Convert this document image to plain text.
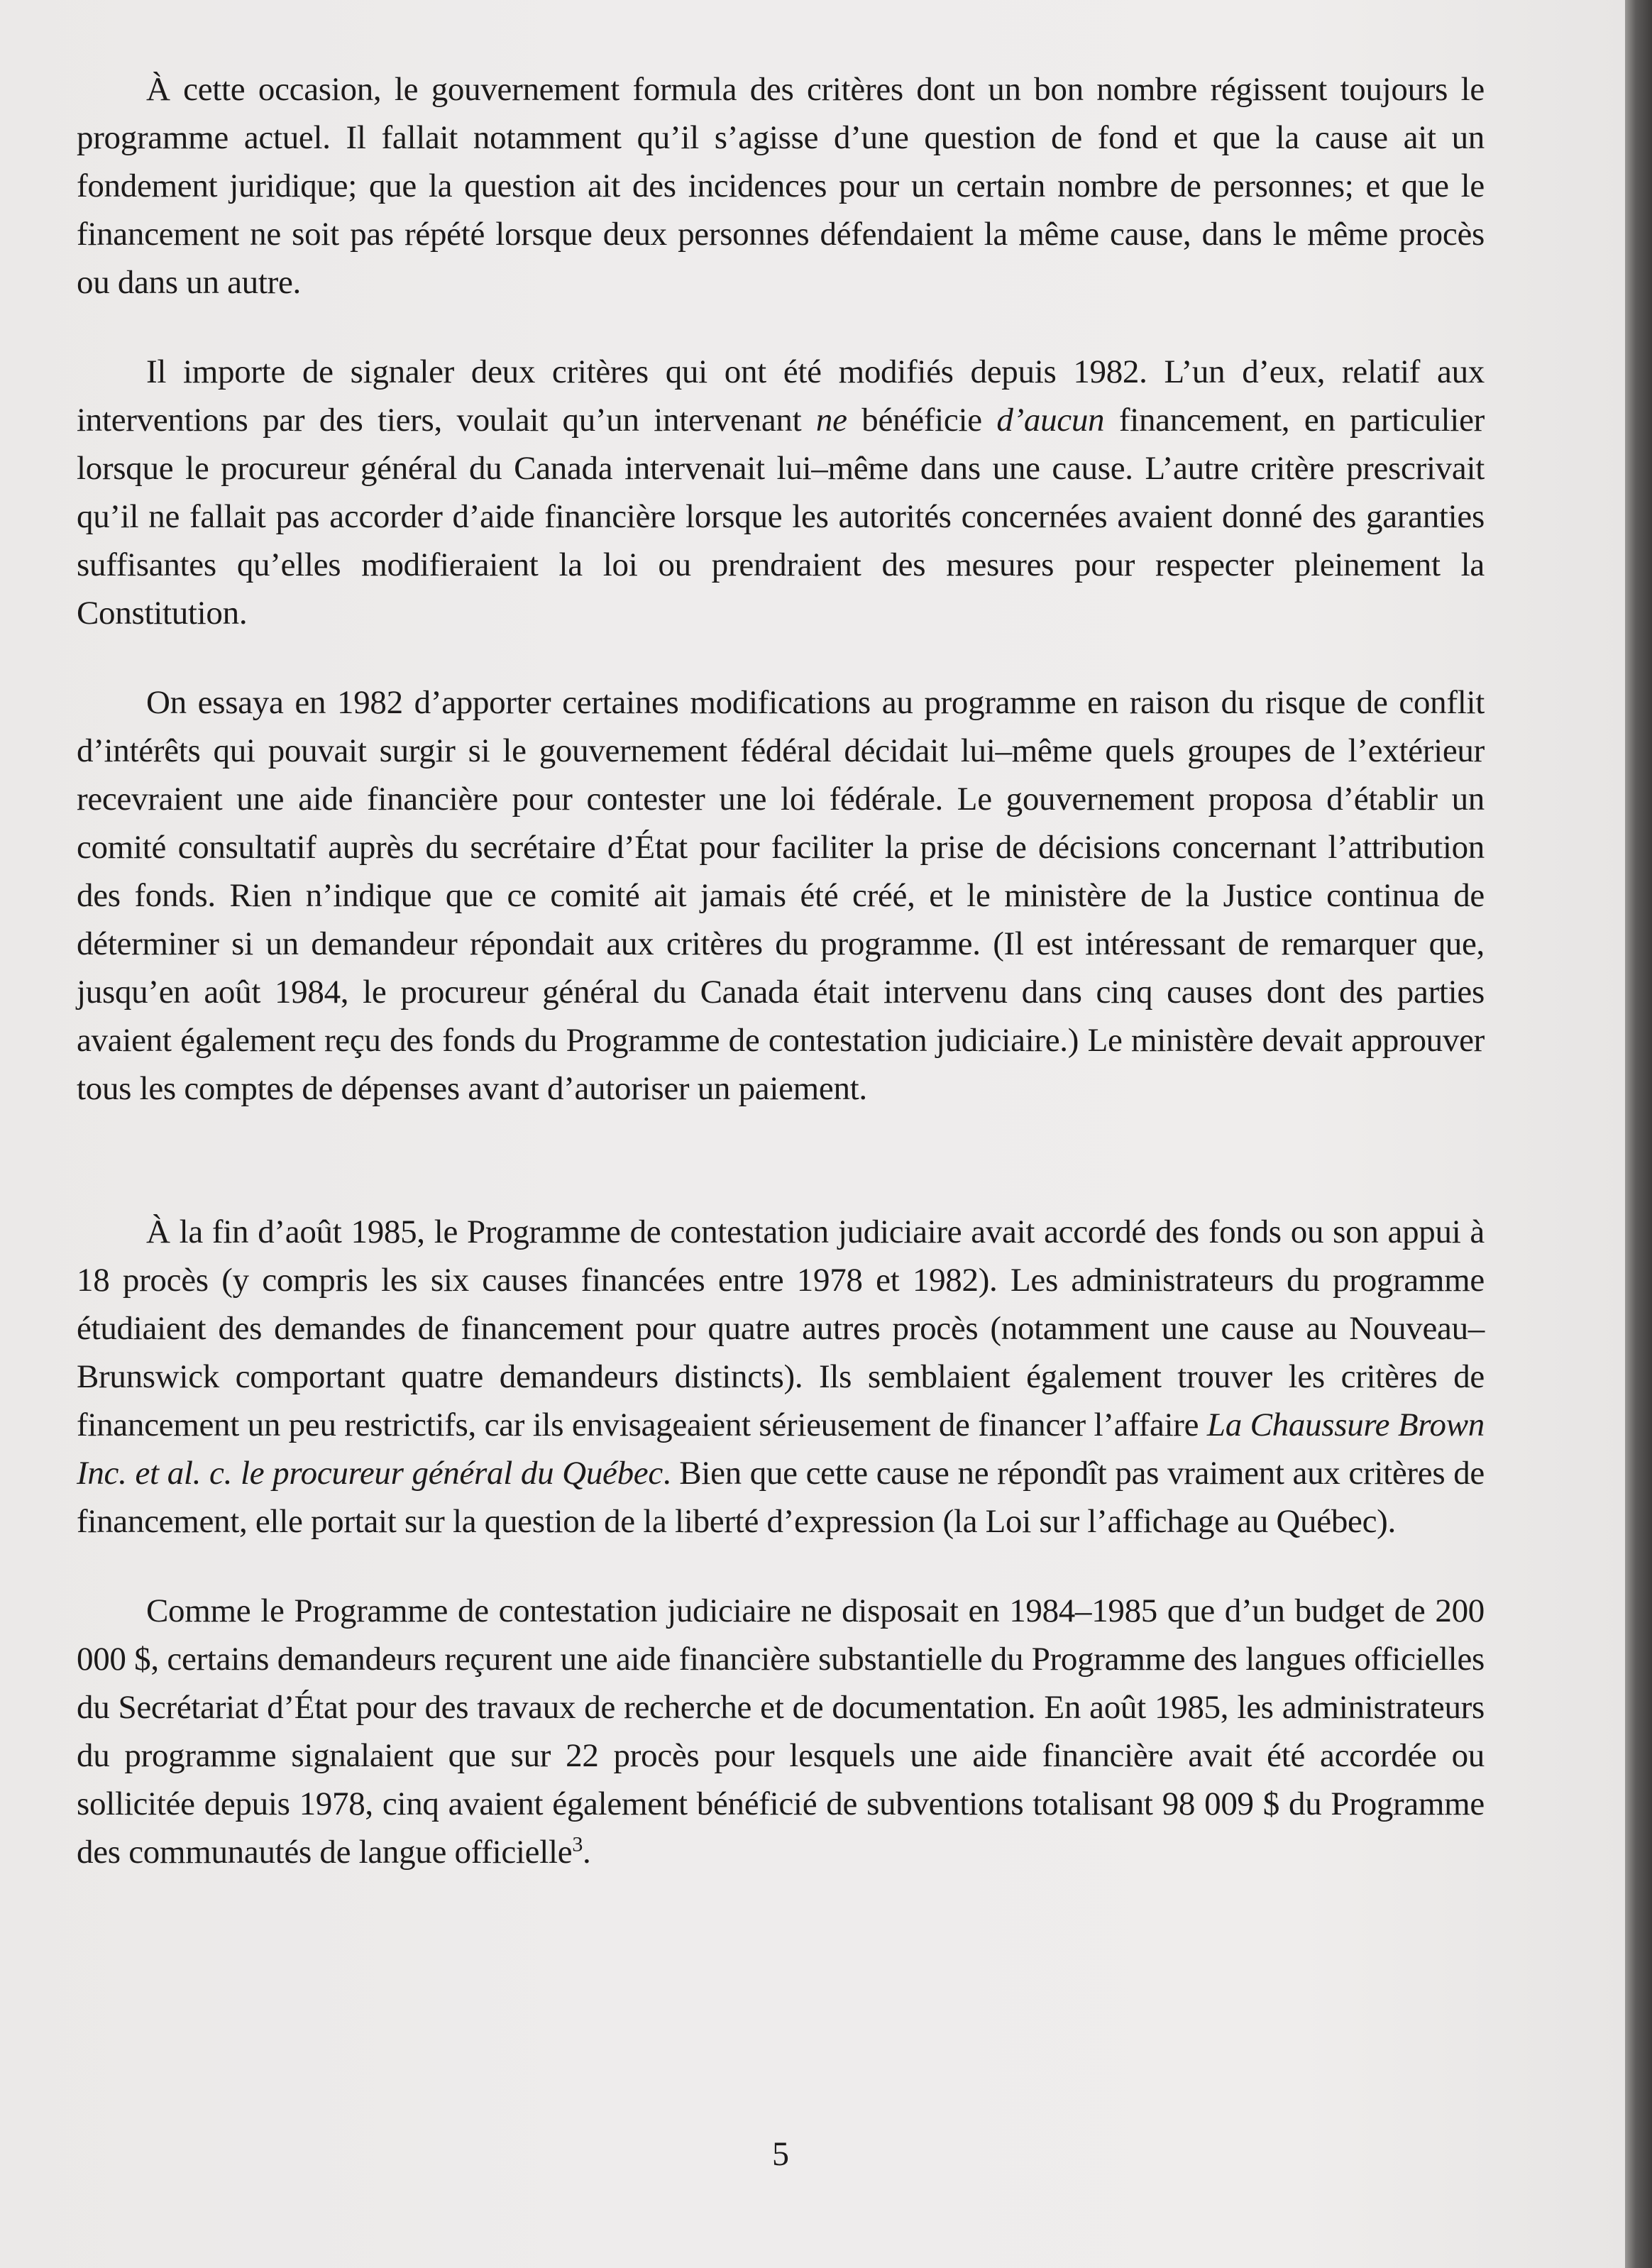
À cette occasion, le gouvernement formula des critères dont un bon nombre régissent toujours le programme actuel. Il fallait notamment qu’il s’agisse d’une question de fond et que la cause ait un fondement juridique; que la question ait des incidences pour un certain nombre de personnes; et que le financement ne soit pas répété lorsque deux personnes défendaient la même cause, dans le même procès ou dans un autre.

Il importe de signaler deux critères qui ont été modifiés depuis 1982. L’un d’eux, relatif aux interventions par des tiers, voulait qu’un intervenant ne bénéficie d’aucun financement, en particulier lorsque le procureur général du Canada intervenait lui–même dans une cause. L’autre critère prescrivait qu’il ne fallait pas accorder d’aide financière lorsque les autorités concernées avaient donné des garanties suffisantes qu’elles modifieraient la loi ou prendraient des mesures pour respecter pleinement la Constitution.

On essaya en 1982 d’apporter certaines modifications au programme en raison du risque de conflit d’intérêts qui pouvait surgir si le gouvernement fédéral décidait lui–même quels groupes de l’extérieur recevraient une aide financière pour contester une loi fédérale. Le gouvernement proposa d’établir un comité consultatif auprès du secrétaire d’État pour faciliter la prise de décisions concernant l’attribution des fonds. Rien n’indique que ce comité ait jamais été créé, et le ministère de la Justice continua de déterminer si un demandeur répondait aux critères du programme. (Il est intéressant de remarquer que, jusqu’en août 1984, le procureur général du Canada était intervenu dans cinq causes dont des parties avaient également reçu des fonds du Programme de contestation judiciaire.) Le ministère devait approuver tous les comptes de dépenses avant d’autoriser un paiement.

À la fin d’août 1985, le Programme de contestation judiciaire avait accordé des fonds ou son appui à 18 procès (y compris les six causes financées entre 1978 et 1982). Les administrateurs du programme étudiaient des demandes de financement pour quatre autres procès (notamment une cause au Nouveau–Brunswick comportant quatre demandeurs distincts). Ils semblaient également trouver les critères de financement un peu restrictifs, car ils envisageaient sérieusement de financer l’affaire La Chaussure Brown Inc. et al. c. le procureur général du Québec. Bien que cette cause ne répondît pas vraiment aux critères de financement, elle portait sur la question de la liberté d’expression (la Loi sur l’affichage au Québec).

Comme le Programme de contestation judiciaire ne disposait en 1984–1985 que d’un budget de 200 000 $, certains demandeurs reçurent une aide financière substantielle du Programme des langues officielles du Secrétariat d’État pour des travaux de recherche et de documentation. En août 1985, les administrateurs du programme signalaient que sur 22 procès pour lesquels une aide financière avait été accordée ou sollicitée depuis 1978, cinq avaient également bénéficié de subventions totalisant 98 009 $ du Programme des communautés de langue officielle$^3$.

5
